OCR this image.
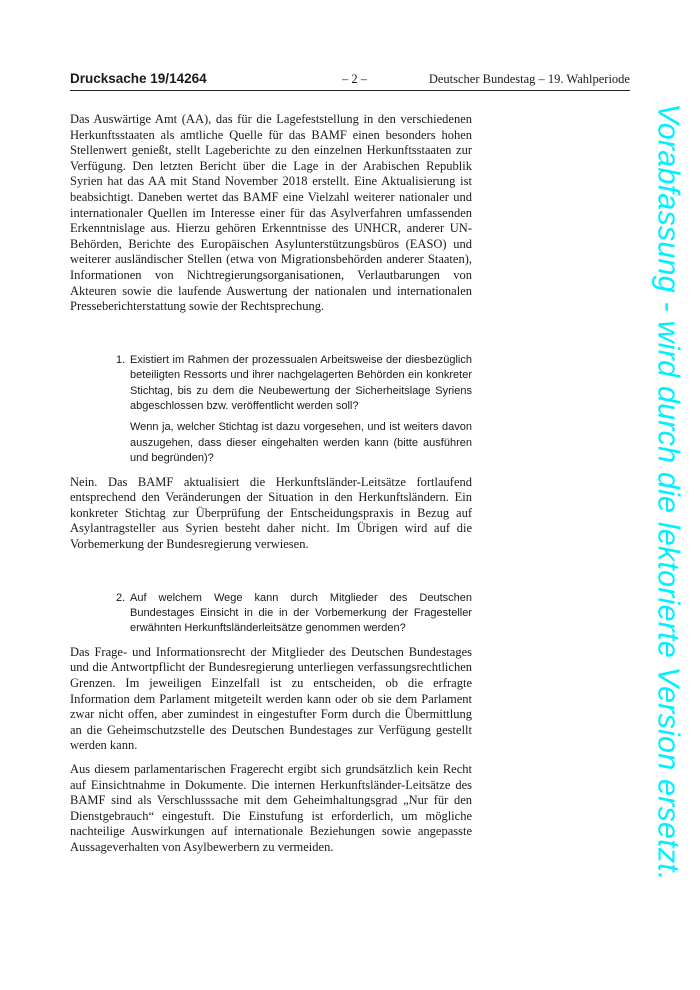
Drucksache 19/14264	– 2 –	Deutscher Bundestag – 19. Wahlperiode

Das Auswärtige Amt (AA), das für die Lagefeststellung in den verschiedenen Herkunftsstaaten als amtliche Quelle für das BAMF einen besonders hohen Stellenwert genießt, stellt Lageberichte zu den einzelnen Herkunftsstaaten zur Verfügung. Den letzten Bericht über die Lage in der Arabischen Republik Syrien hat das AA mit Stand November 2018 erstellt. Eine Aktualisierung ist beabsichtigt. Daneben wertet das BAMF eine Vielzahl weiterer nationaler und internationaler Quellen im Interesse einer für das Asylverfahren umfassenden Erkenntnislage aus. Hierzu gehören Erkenntnisse des UNHCR, anderer UN-Behörden, Berichte des Europäischen Asylunterstützungsbüros (EASO) und weiterer ausländischer Stellen (etwa von Migrationsbehörden anderer Staaten), Informationen von Nichtregierungsorganisationen, Verlautbarungen von Akteuren sowie die laufende Auswertung der nationalen und internationalen Presseberichterstattung sowie der Rechtsprechung.

1. Existiert im Rahmen der prozessualen Arbeitsweise der diesbezüglich beteiligten Ressorts und ihrer nachgelagerten Behörden ein konkreter Stichtag, bis zu dem die Neubewertung der Sicherheitslage Syriens abgeschlossen bzw. veröffentlicht werden soll?

Wenn ja, welcher Stichtag ist dazu vorgesehen, und ist weiters davon auszugehen, dass dieser eingehalten werden kann (bitte ausführen und begründen)?

Nein. Das BAMF aktualisiert die Herkunftsländer-Leitsätze fortlaufend entsprechend den Veränderungen der Situation in den Herkunftsländern. Ein konkreter Stichtag zur Überprüfung der Entscheidungspraxis in Bezug auf Asylantragsteller aus Syrien besteht daher nicht. Im Übrigen wird auf die Vorbemerkung der Bundesregierung verwiesen.

2. Auf welchem Wege kann durch Mitglieder des Deutschen Bundestages Einsicht in die in der Vorbemerkung der Fragesteller erwähnten Herkunftsländerleitsätze genommen werden?

Das Frage- und Informationsrecht der Mitglieder des Deutschen Bundestages und die Antwortpflicht der Bundesregierung unterliegen verfassungsrechtlichen Grenzen. Im jeweiligen Einzelfall ist zu entscheiden, ob die erfragte Information dem Parlament mitgeteilt werden kann oder ob sie dem Parlament zwar nicht offen, aber zumindest in eingestufter Form durch die Übermittlung an die Geheimschutzstelle des Deutschen Bundestages zur Verfügung gestellt werden kann.

Aus diesem parlamentarischen Fragerecht ergibt sich grundsätzlich kein Recht auf Einsichtnahme in Dokumente. Die internen Herkunftsländer-Leitsätze des BAMF sind als Verschlusssache mit dem Geheimhaltungsgrad „Nur für den Dienstgebrauch“ eingestuft. Die Einstufung ist erforderlich, um mögliche nachteilige Auswirkungen auf internationale Beziehungen sowie angepasste Aussageverhalten von Asylbewerbern zu vermeiden.	Vorabfassung - wird durch die lektorierte Version ersetzt.
